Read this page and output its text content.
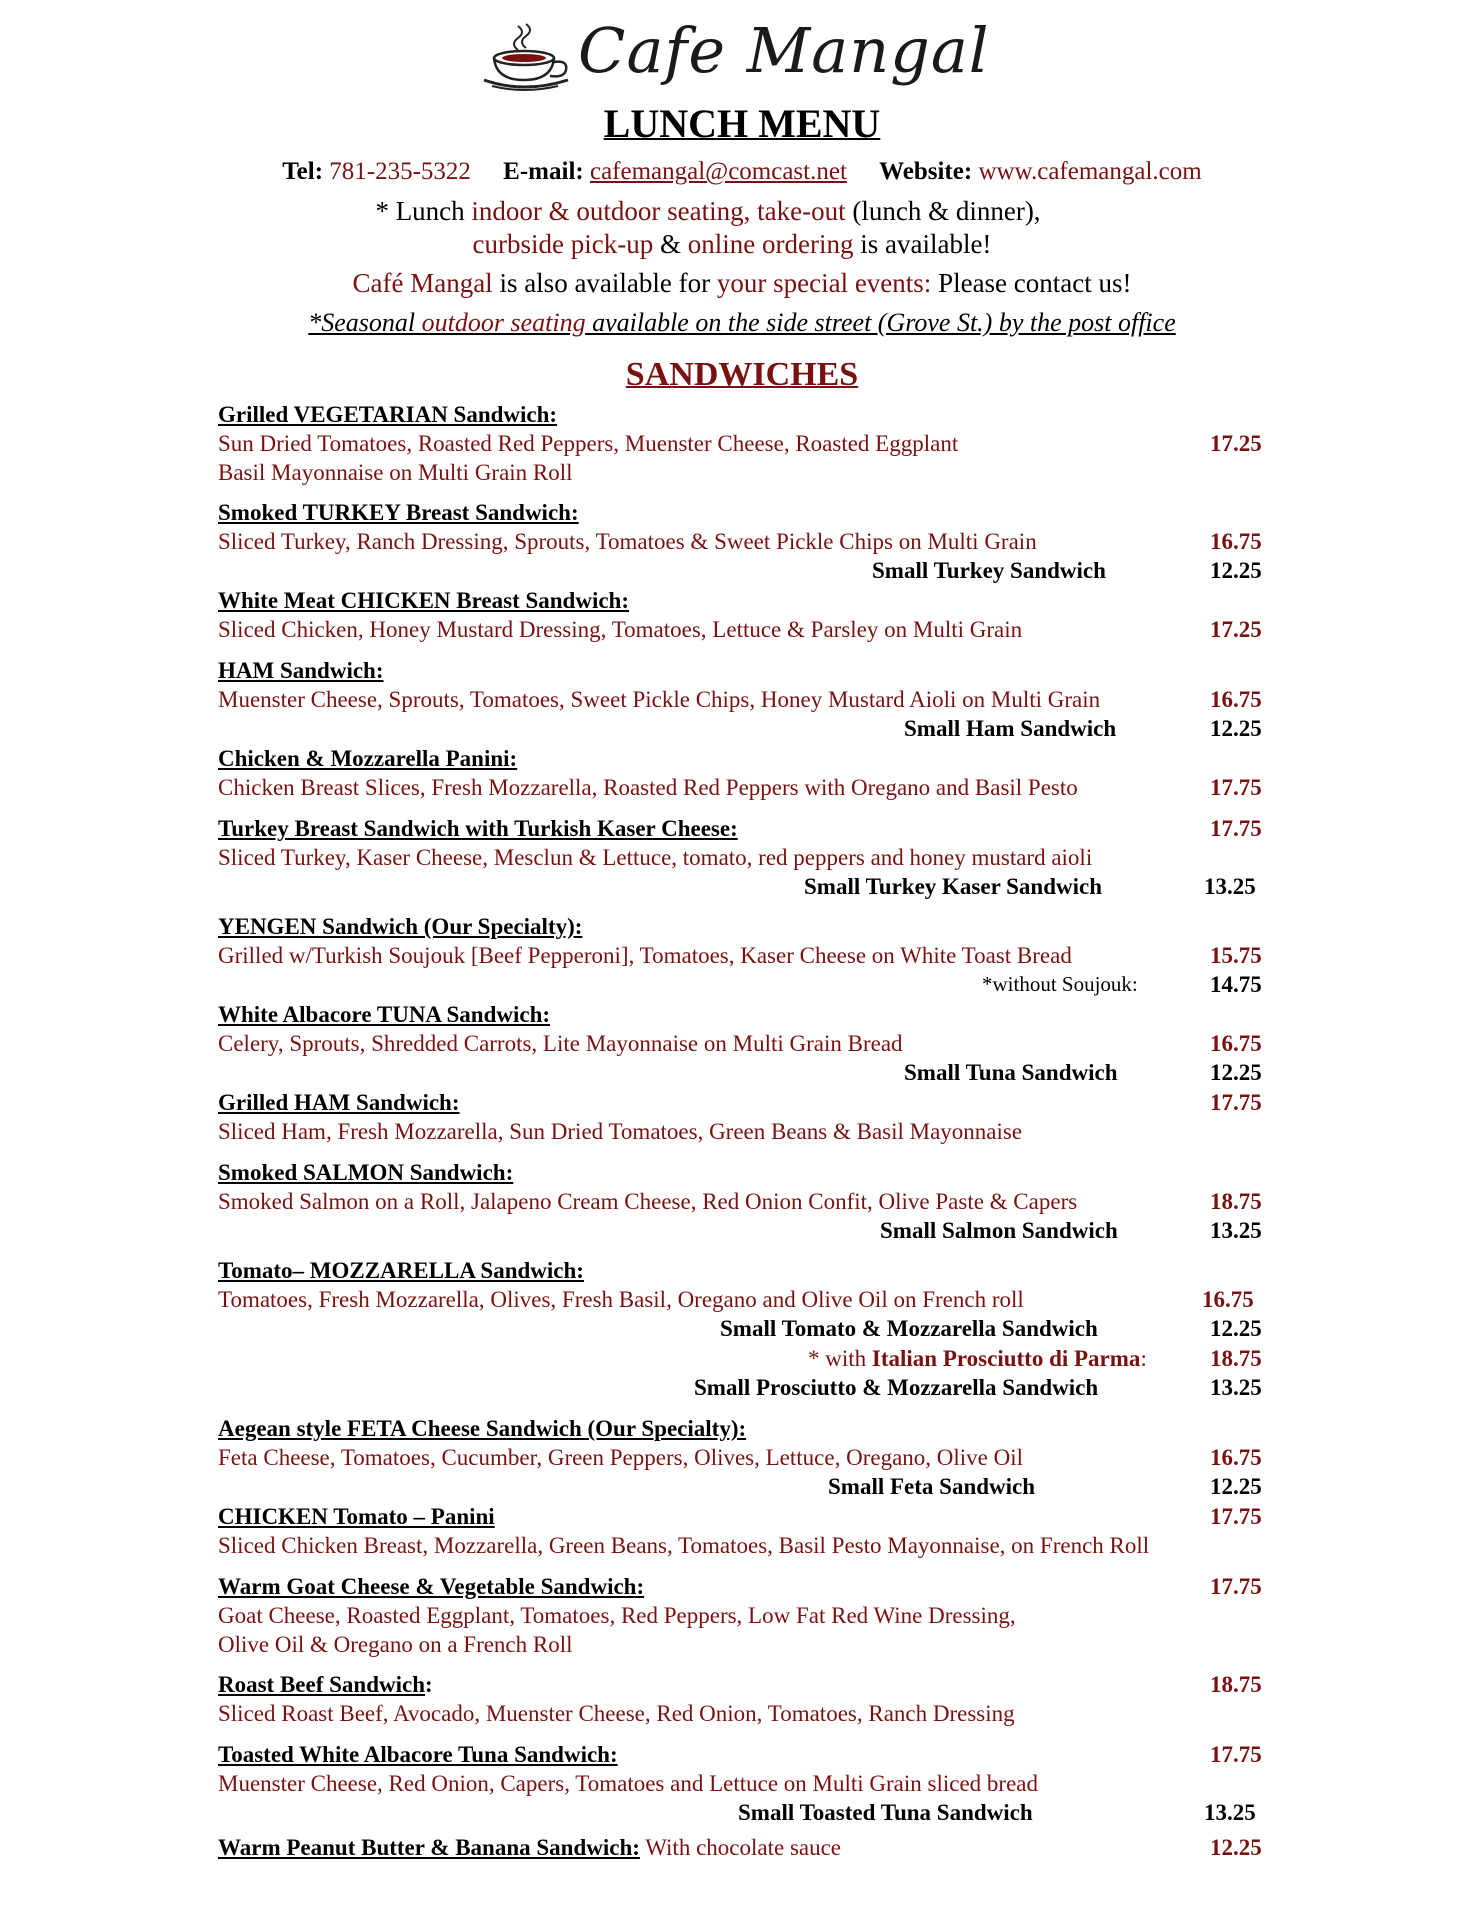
Cafe Mangal
LUNCH MENU
Tel: 781-235-5322 E-mail: cafemangal@comcast.net Website: www.cafemangal.com
* Lunch indoor & outdoor seating, take-out (lunch & dinner),
curbside pick-up & online ordering is available!
Café Mangal is also available for your special events: Please contact us!
*Seasonal outdoor seating available on the side street (Grove St.) by the post office
SANDWICHES
Grilled VEGETARIAN Sandwich:
Sun Dried Tomatoes, Roasted Red Peppers, Muenster Cheese, Roasted Eggplant	17.25
Basil Mayonnaise on Multi Grain Roll
Smoked TURKEY Breast Sandwich:
Sliced Turkey, Ranch Dressing, Sprouts, Tomatoes & Sweet Pickle Chips on Multi Grain	16.75
Small Turkey Sandwich	12.25
White Meat CHICKEN Breast Sandwich:
Sliced Chicken, Honey Mustard Dressing, Tomatoes, Lettuce & Parsley on Multi Grain	17.25
HAM Sandwich:
Muenster Cheese, Sprouts, Tomatoes, Sweet Pickle Chips, Honey Mustard Aioli on Multi Grain	16.75
Small Ham Sandwich	12.25
Chicken & Mozzarella Panini:
Chicken Breast Slices, Fresh Mozzarella, Roasted Red Peppers with Oregano and Basil Pesto	17.75
Turkey Breast Sandwich with Turkish Kaser Cheese:	17.75
Sliced Turkey, Kaser Cheese, Mesclun & Lettuce, tomato, red peppers and honey mustard aioli
Small Turkey Kaser Sandwich	13.25
YENGEN Sandwich (Our Specialty):
Grilled w/Turkish Soujouk [Beef Pepperoni], Tomatoes, Kaser Cheese on White Toast Bread	15.75
*without Soujouk:	14.75
White Albacore TUNA Sandwich:
Celery, Sprouts, Shredded Carrots, Lite Mayonnaise on Multi Grain Bread	16.75
Small Tuna Sandwich	12.25
Grilled HAM Sandwich:	17.75
Sliced Ham, Fresh Mozzarella, Sun Dried Tomatoes, Green Beans & Basil Mayonnaise
Smoked SALMON Sandwich:
Smoked Salmon on a Roll, Jalapeno Cream Cheese, Red Onion Confit, Olive Paste & Capers	18.75
Small Salmon Sandwich	13.25
Tomato– MOZZARELLA Sandwich:
Tomatoes, Fresh Mozzarella, Olives, Fresh Basil, Oregano and Olive Oil on French roll	16.75
Small Tomato & Mozzarella Sandwich	12.25
* with Italian Prosciutto di Parma:	18.75
Small Prosciutto & Mozzarella Sandwich	13.25
Aegean style FETA Cheese Sandwich (Our Specialty):
Feta Cheese, Tomatoes, Cucumber, Green Peppers, Olives, Lettuce, Oregano, Olive Oil	16.75
Small Feta Sandwich	12.25
CHICKEN Tomato – Panini	17.75
Sliced Chicken Breast, Mozzarella, Green Beans, Tomatoes, Basil Pesto Mayonnaise, on French Roll
Warm Goat Cheese & Vegetable Sandwich:	17.75
Goat Cheese, Roasted Eggplant, Tomatoes, Red Peppers, Low Fat Red Wine Dressing,
Olive Oil & Oregano on a French Roll
Roast Beef Sandwich:	18.75
Sliced Roast Beef, Avocado, Muenster Cheese, Red Onion, Tomatoes, Ranch Dressing
Toasted White Albacore Tuna Sandwich:	17.75
Muenster Cheese, Red Onion, Capers, Tomatoes and Lettuce on Multi Grain sliced bread
Small Toasted Tuna Sandwich	13.25
Warm Peanut Butter & Banana Sandwich: With chocolate sauce	12.25
